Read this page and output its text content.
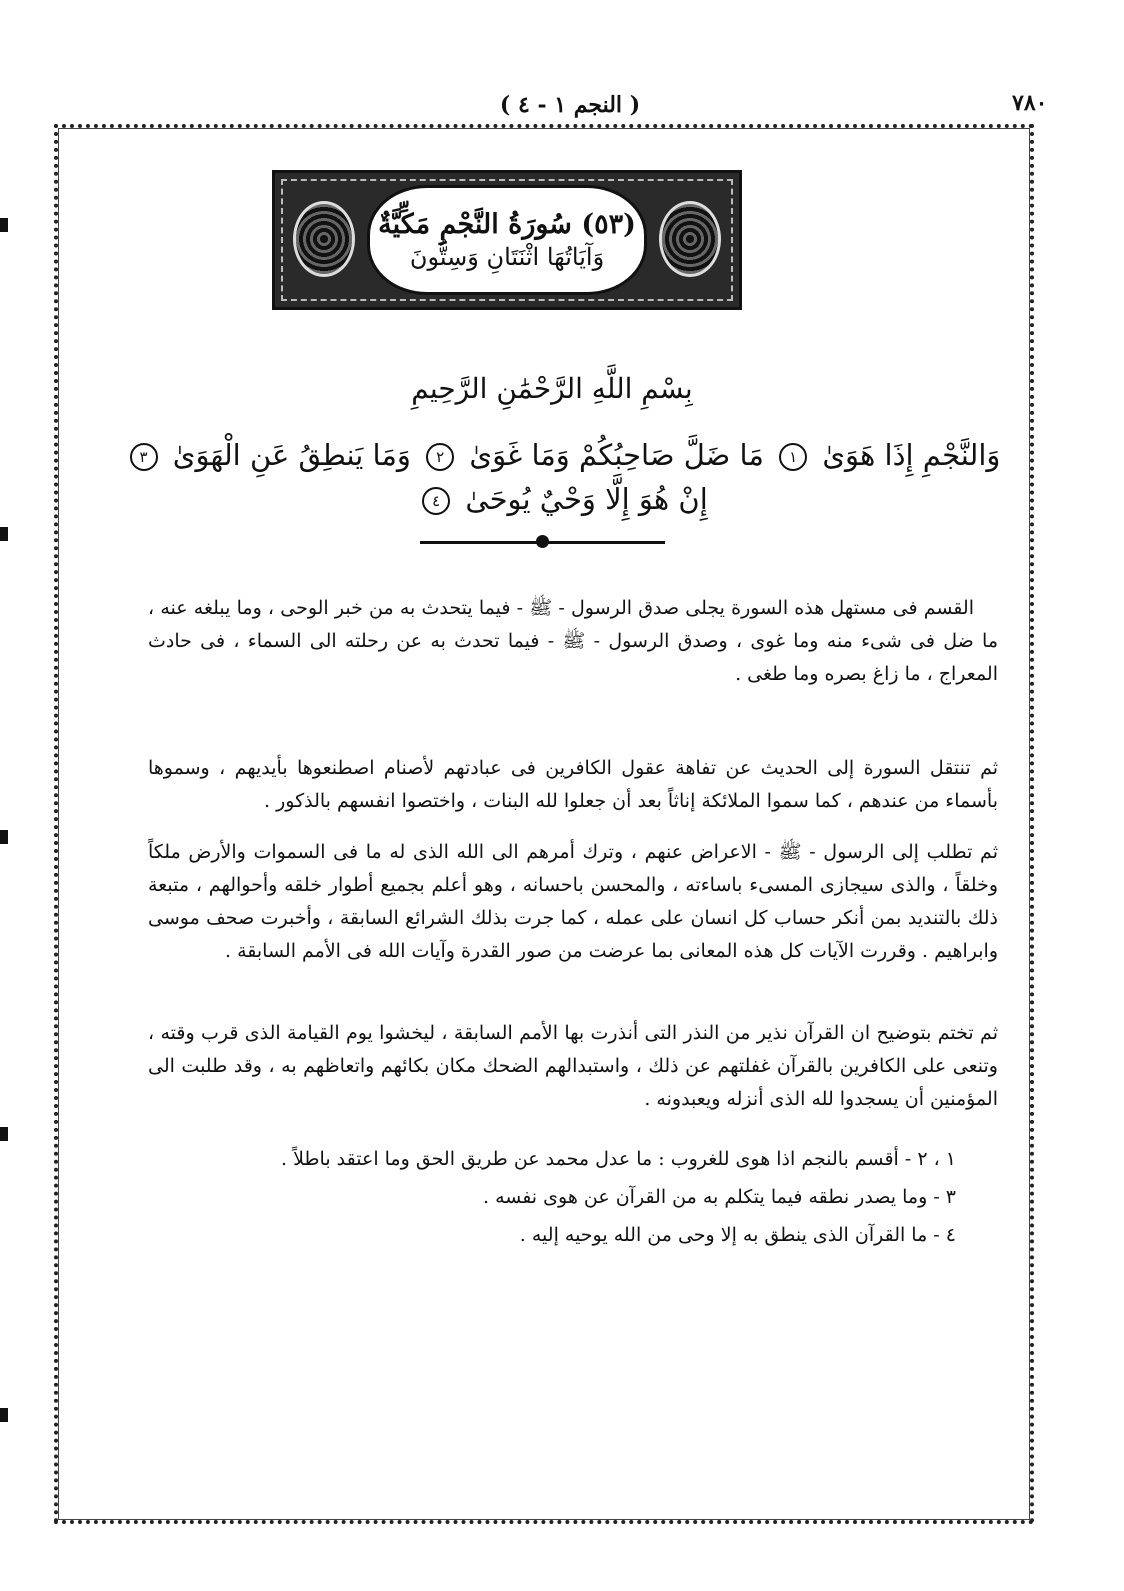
٧٨٠
( النجم ١ - ٤ )
(٥٣) سُورَةُ النَّجْمِ مَكِّيَّةٌ
وَآيَاتُهَا اثْنَتَانِ وَسِتُّونَ
بِسْمِ اللَّهِ الرَّحْمَٰنِ الرَّحِيمِ
وَالنَّجْمِ إِذَا هَوَىٰ ١ مَا ضَلَّ صَاحِبُكُمْ وَمَا غَوَىٰ ٢ وَمَا يَنطِقُ عَنِ الْهَوَىٰ ٣ إِنْ هُوَ إِلَّا وَحْيٌ يُوحَىٰ ٤

القسم فى مستهل هذه السورة يجلى صدق الرسول - ﷺ - فيما يتحدث به من خبر الوحى ، وما يبلغه عنه ، ما ضل فى شىء منه وما غوى ، وصدق الرسول - ﷺ - فيما تحدث به عن رحلته الى السماء ، فى حادث المعراج ، ما زاغ بصره وما طغى .

ثم تنتقل السورة إلى الحديث عن تفاهة عقول الكافرين فى عبادتهم لأصنام اصطنعوها بأيديهم ، وسموها بأسماء من عندهم ، كما سموا الملائكة إناثاً بعد أن جعلوا لله البنات ، واختصوا انفسهم بالذكور .

ثم تطلب إلى الرسول - ﷺ - الاعراض عنهم ، وترك أمرهم الى الله الذى له ما فى السموات والأرض ملكاً وخلقاً ، والذى سيجازى المسىء باساءته ، والمحسن باحسانه ، وهو أعلم بجميع أطوار خلقه وأحوالهم ، متبعة ذلك بالتنديد بمن أنكر حساب كل انسان على عمله ، كما جرت بذلك الشرائع السابقة ، وأخبرت صحف موسى وابراهيم . وقررت الآيات كل هذه المعانى بما عرضت من صور القدرة وآيات الله فى الأمم السابقة .

ثم تختم بتوضيح ان القرآن نذير من النذر التى أنذرت بها الأمم السابقة ، ليخشوا يوم القيامة الذى قرب وقته ، وتنعى على الكافرين بالقرآن غفلتهم عن ذلك ، واستبدالهم الضحك مكان بكائهم واتعاظهم به ، وقد طلبت الى المؤمنين أن يسجدوا لله الذى أنزله ويعبدونه .

١ ، ٢ - أقسم بالنجم اذا هوى للغروب : ما عدل محمد عن طريق الحق وما اعتقد باطلاً .
٣ - وما يصدر نطقه فيما يتكلم به من القرآن عن هوى نفسه .
٤ - ما القرآن الذى ينطق به إلا وحى من الله يوحيه إليه .
